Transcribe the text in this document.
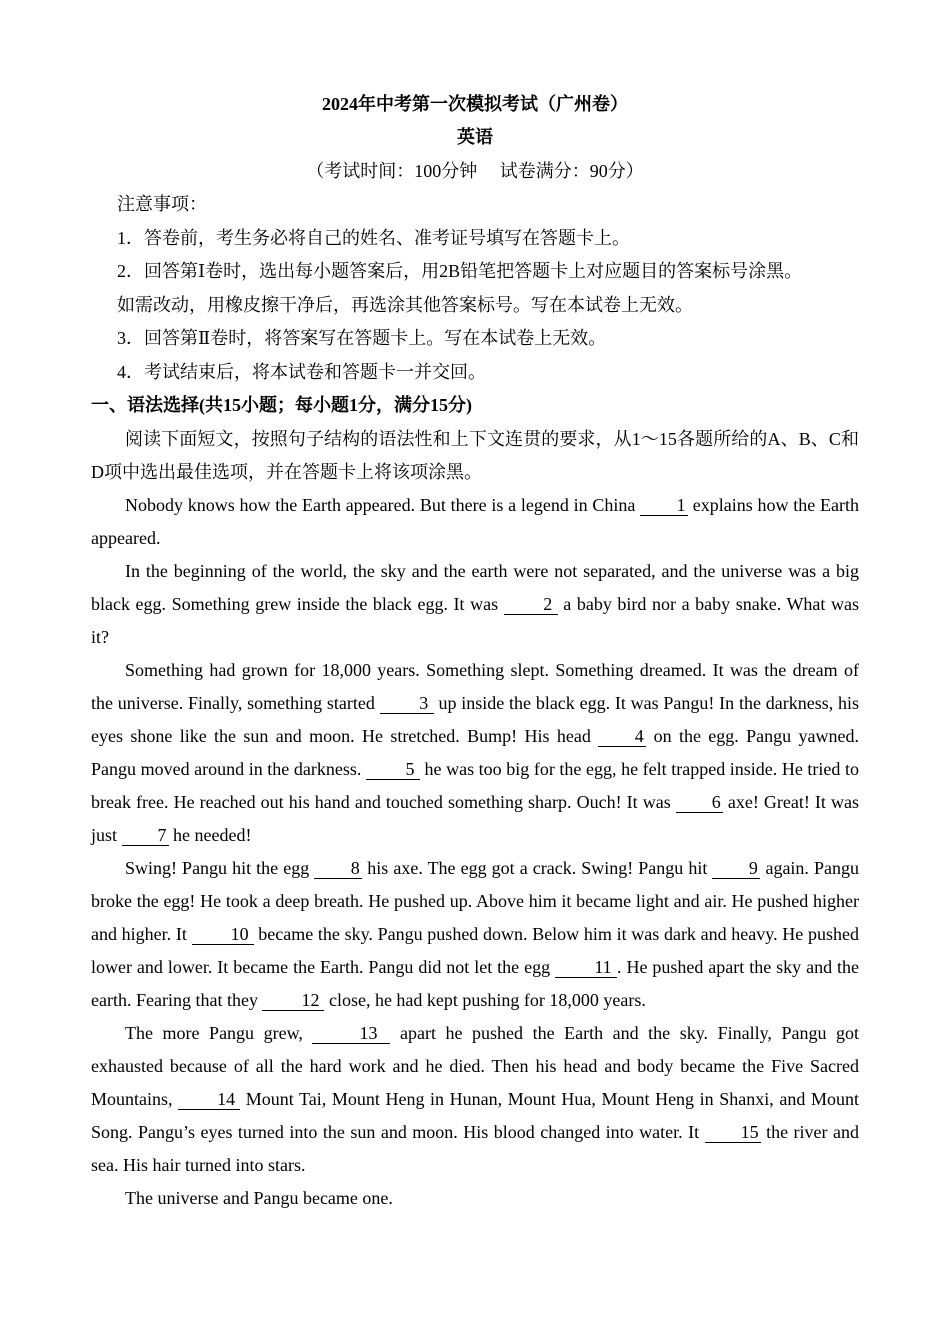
2024年中考第一次模拟考试（广州卷）
英语
（考试时间：100分钟　 试卷满分：90分）
注意事项：
1．答卷前，考生务必将自己的姓名、准考证号填写在答题卡上。
2．回答第Ⅰ卷时，选出每小题答案后，用2B铅笔把答题卡上对应题目的答案标号涂黑。
如需改动，用橡皮擦干净后，再选涂其他答案标号。写在本试卷上无效。
3．回答第Ⅱ卷时，将答案写在答题卡上。写在本试卷上无效。
4．考试结束后，将本试卷和答题卡一并交回。
一、语法选择(共15小题；每小题1分，满分15分)

阅读下面短文，按照句子结构的语法性和上下文连贯的要求，从1～15各题所给的A、B、C和D项中选出最佳选项，并在答题卡上将该项涂黑。

Nobody knows how the Earth appeared. But there is a legend in China 1 explains how the Earth appeared.

In the beginning of the world, the sky and the earth were not separated, and the universe was a big black egg. Something grew inside the black egg. It was 2 a baby bird nor a baby snake. What was it?

Something had grown for 18,000 years. Something slept. Something dreamed. It was the dream of the universe. Finally, something started 3 up inside the black egg. It was Pangu! In the darkness, his eyes shone like the sun and moon. He stretched. Bump! His head 4 on the egg. Pangu yawned. Pangu moved around in the darkness. 5 he was too big for the egg, he felt trapped inside. He tried to break free. He reached out his hand and touched something sharp. Ouch! It was 6 axe! Great! It was just 7 he needed!

Swing! Pangu hit the egg 8 his axe. The egg got a crack. Swing! Pangu hit 9 again. Pangu broke the egg! He took a deep breath. He pushed up. Above him it became light and air. He pushed higher and higher. It 10 became the sky. Pangu pushed down. Below him it was dark and heavy. He pushed lower and lower. It became the Earth. Pangu did not let the egg 11 . He pushed apart the sky and the earth. Fearing that they 12 close, he had kept pushing for 18,000 years.

The more Pangu grew,	13 apart he pushed the Earth and the sky. Finally, Pangu got exhausted because of all the hard work and he died. Then his head and body became the Five Sacred Mountains, 14 Mount Tai, Mount Heng in Hunan, Mount Hua, Mount Heng in Shanxi, and Mount Song. Pangu’s eyes turned into the sun and moon. His blood changed into water. It 15 the river and sea. His hair turned into stars.

The universe and Pangu became one.
